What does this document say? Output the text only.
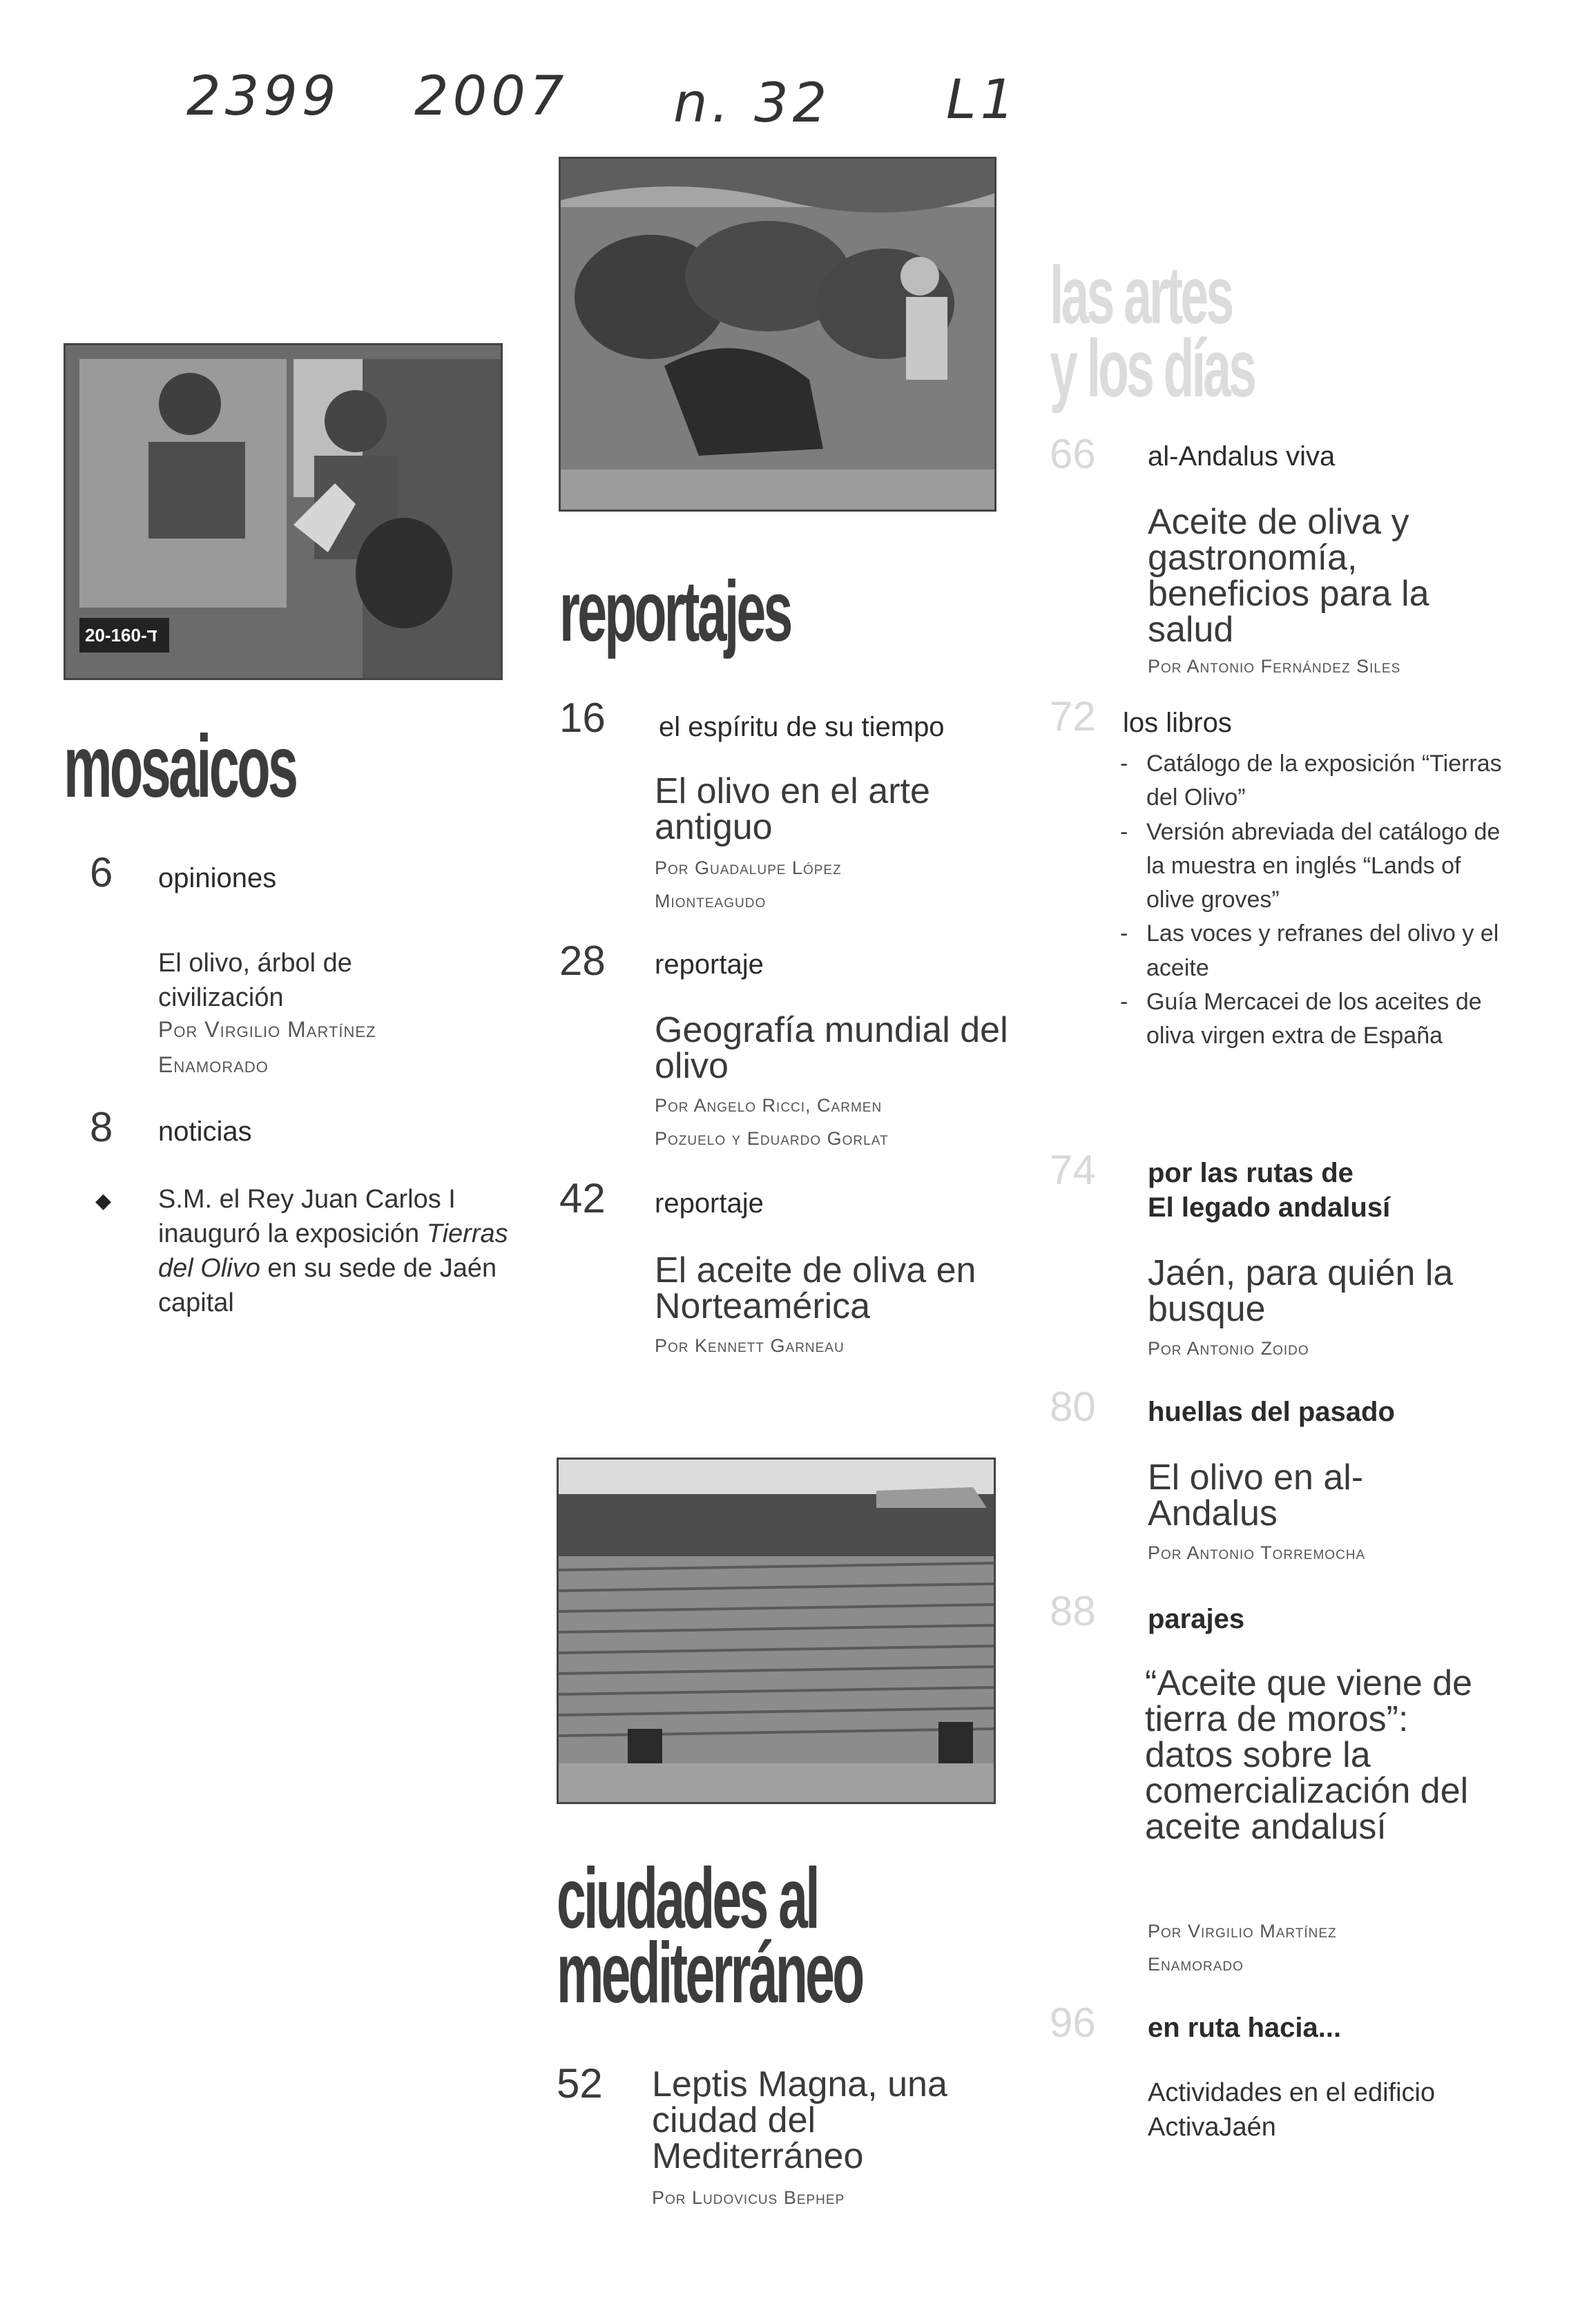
2399 2007 n. 32 L1
20-160-ד
las artes
y los días
mosaicos
6 opiniones
El olivo, árbol de civilización
Por Virgilio Martínez Enamorado
8 noticias
◆ S.M. el Rey Juan Carlos I inauguró la exposición Tierras del Olivo en su sede de Jaén capital
reportajes
16 el espíritu de su tiempo
El olivo en el arte antiguo
Por Guadalupe López
Mionteagudo
28 reportaje
Geografía mundial del olivo
Por Angelo Ricci, Carmen
Pozuelo y Eduardo Gorlat
42 reportaje
El aceite de oliva en Norteamérica
Por Kennett Garneau
ciudades al
mediterráneo
52 Leptis Magna, una ciudad del Mediterráneo
Por Ludovicus Bephep
66 al-Andalus viva
Aceite de oliva y gastronomía, beneficios para la salud
Por Antonio Fernández Siles
72 los libros
- Catálogo de la exposición “Tierras del Olivo”
- Versión abreviada del catálogo de la muestra en inglés “Lands of olive groves”
- Las voces y refranes del olivo y el aceite
- Guía Mercacei de los aceites de oliva virgen extra de España
74 por las rutas de
El legado andalusí
Jaén, para quién la busque
Por Antonio Zoido
80 huellas del pasado
El olivo en al-Andalus
Por Antonio Torremocha
88 parajes
“Aceite que viene de tierra de moros”: datos sobre la comercialización del aceite andalusí
Por Virgilio Martínez
Enamorado
96 en ruta hacia...
Actividades en el edificio ActivaJaén
